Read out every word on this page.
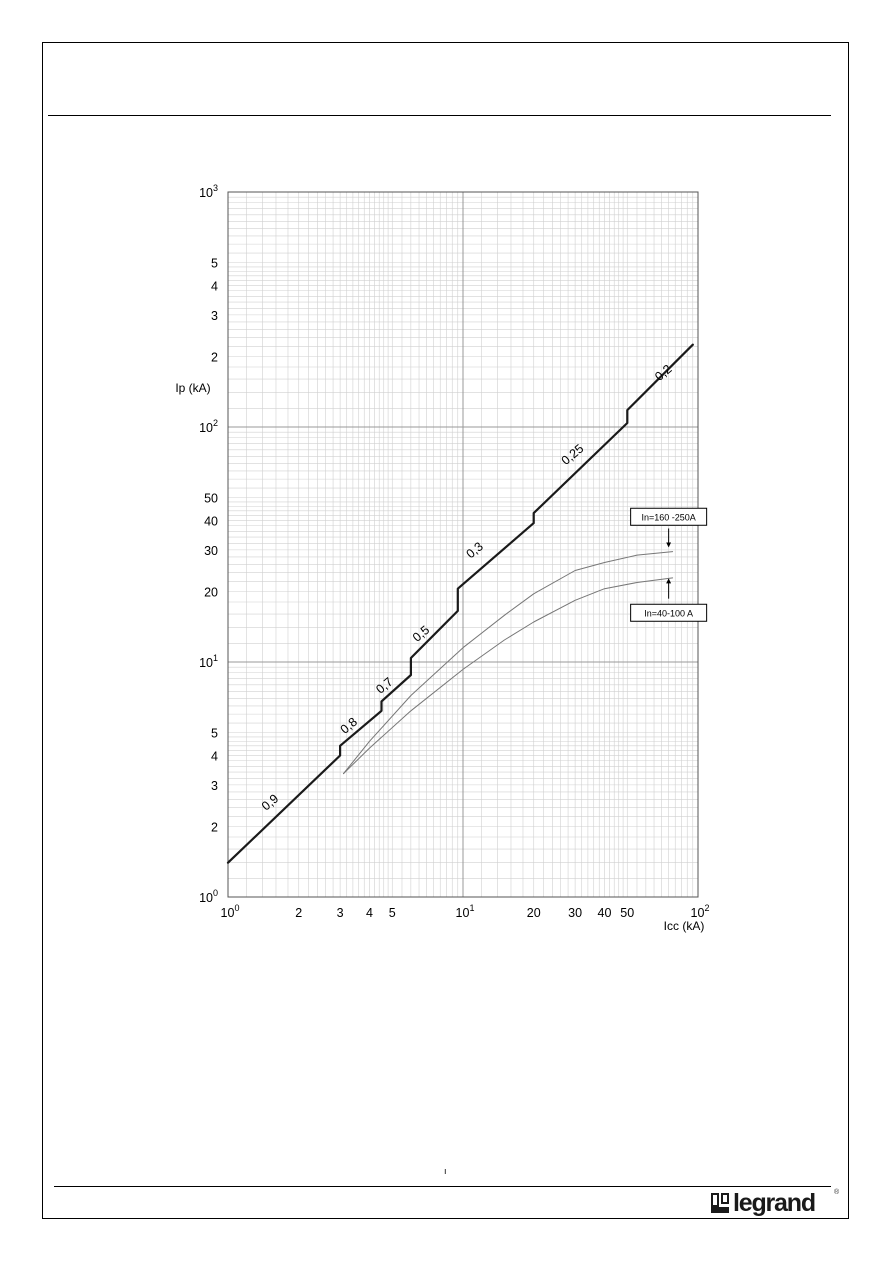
0,9
0,8
0,7
0,5
0,3
0,25
0,2
In=160 -250A
In=40-100 A
$10^0$	2	3 4 5	$10^1$	20 30 40 50	$10^2$
$10^0$
2
3
4
5
$10^1$
20
30
40
50
$10^2$
2
3
4
5
$10^3$
Icc (kA)
Ip (kA)
ı
legrand	®
